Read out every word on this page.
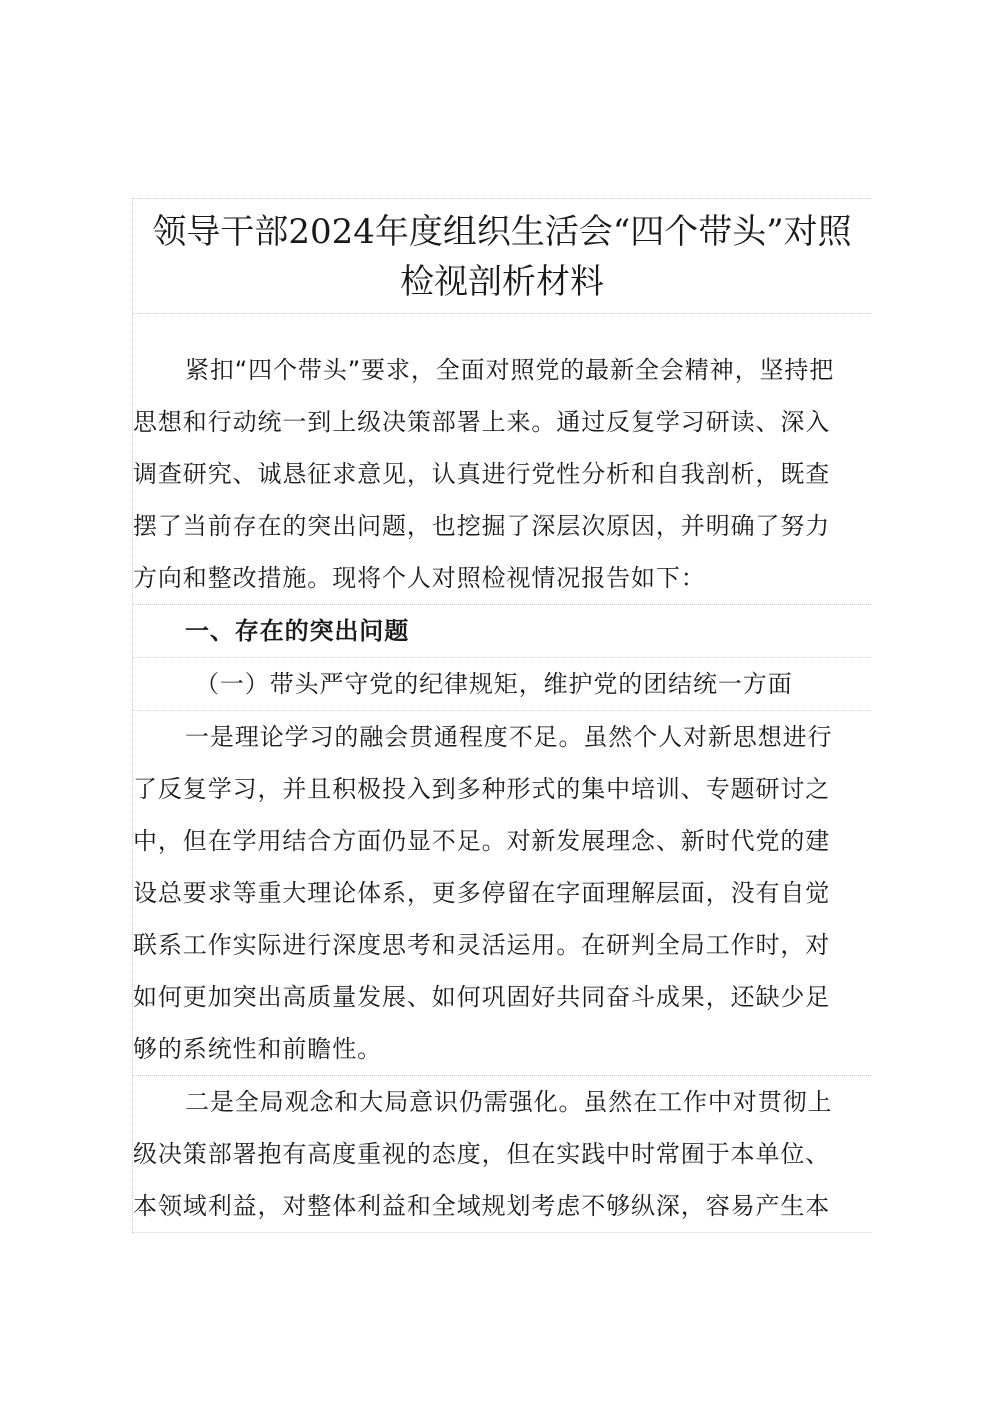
领导干部2024年度组织生活会“四个带头”对照
检视剖析材料
紧扣“四个带头”要求，全面对照党的最新全会精神，坚持把
思想和行动统一到上级决策部署上来。通过反复学习研读、深入
调查研究、诚恳征求意见，认真进行党性分析和自我剖析，既查
摆了当前存在的突出问题，也挖掘了深层次原因，并明确了努力
方向和整改措施。现将个人对照检视情况报告如下：
一、存在的突出问题
（一）带头严守党的纪律规矩，维护党的团结统一方面
一是理论学习的融会贯通程度不足。虽然个人对新思想进行
了反复学习，并且积极投入到多种形式的集中培训、专题研讨之
中，但在学用结合方面仍显不足。对新发展理念、新时代党的建
设总要求等重大理论体系，更多停留在字面理解层面，没有自觉
联系工作实际进行深度思考和灵活运用。在研判全局工作时，对
如何更加突出高质量发展、如何巩固好共同奋斗成果，还缺少足
够的系统性和前瞻性。
二是全局观念和大局意识仍需强化。虽然在工作中对贯彻上
级决策部署抱有高度重视的态度，但在实践中时常囿于本单位、
本领域利益，对整体利益和全域规划考虑不够纵深，容易产生本
